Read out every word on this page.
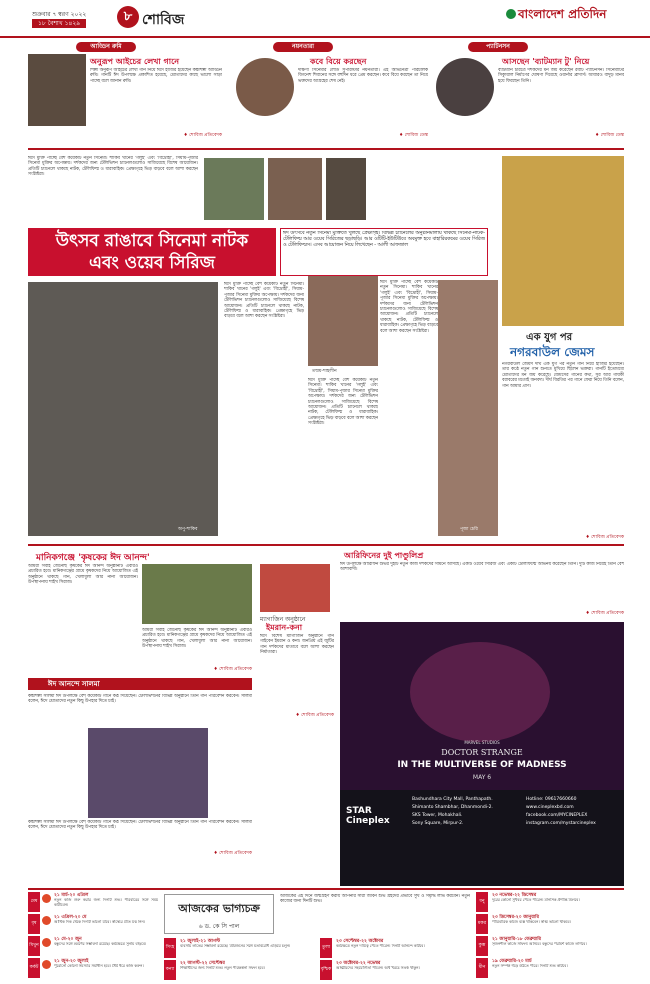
শুক্রবার ৭ ম্বরণ ২০২২
১৮ বৈশাখ ১৪২৯	৮ শোবিজ	বাংলাদেশ প্রতিদিন
আড্ডিন রুমি
অনুরূপ আইচের লেখা গানে
শিল্পী অনুরূপ আইচের লেখা গান নিয়ে ঈদে হাজির হয়েছেন কন্ঠশিল্পী আড্ডিন রুমি। গানটি ঈদ উপলক্ষে প্রকাশিত হয়েছে, শ্রোতাদের কাছে ভালো সাড়া পাচ্ছে বলে জানান রুমি।
♦ শোবিজ প্রতিবেদক
নয়নতারা
কবে বিয়ে করছেন
দক্ষিণী সিনেমার লেডি সুপারস্টার নয়নতারা। এই অভিনেত্রী পরিচালক বিগনেশ শিবানের সঙ্গে বহুদিন ধরে প্রেম করছেন। কবে বিয়ে করছেন তা নিয়ে ভক্তদের আগ্রহের শেষ নেই।
♦ শোবিজ ডেস্ক
প্যাটিনসন
আসছেন 'ব্যাটম্যান টু' নিয়ে
ব্যাটম্যান চরিত্রে দর্শকদের মন জয় করেছেন রবার্ট প্যাটিনসন। সিনেমাটির সিক্যুয়াল নির্মাণের ঘোষণা দিয়েছে ওয়ার্নার ব্রাদার্স। আবারও বাদুড় মানব হয়ে ফিরছেন তিনি।
♦ শোবিজ ডেস্ক
ঈদে মুক্তি পাচ্ছে বেশ কয়েকটি নতুন সিনেমা। শাকিব খানের 'গলুই' এবং 'বিদ্রোহী', সিয়াম-পূজার সিনেমা মুক্তির অপেক্ষায়। দর্শকদের জন্য টেলিভিশন চ্যানেলগুলোও সাজিয়েছে বিশেষ আয়োজন। প্রতিটি চ্যানেলে থাকছে নাটক, টেলিফিল্ম ও ধারাবাহিক। প্রেক্ষাগৃহে ভিড় বাড়বে বলে আশা করছেন সংশ্লিষ্টরা।
উৎসব রাঙাবে সিনেমা নাটক এবং ওয়েব সিরিজ
ঈদ উৎসবে নতুন সিনেমা মুক্তিতে খুলছে প্রেক্ষাগৃহ। বিভিন্ন চ্যানেলের অনুষ্ঠানমালায় থাকছে সিনেমা-নাটক-টেলিফিল্ম আর ওয়েব সিরিজের ছড়াছড়ি। আর ওটিটি-ইউটিউবে অবমুক্ত হবে বাহারিরকমের ওয়েব সিরিজ ও টেলিফিল্মস। এসব আয়োজন নিয়ে লিখেছেন - আলী আফজাল
অপু-শাকিব
ঈদে মুক্তি পাচ্ছে বেশ কয়েকটি নতুন সিনেমা। শাকিব খানের 'গলুই' এবং 'বিদ্রোহী', সিয়াম-পূজার সিনেমা মুক্তির অপেক্ষায়। দর্শকদের জন্য টেলিভিশন চ্যানেলগুলোও সাজিয়েছে বিশেষ আয়োজন। প্রতিটি চ্যানেলে থাকছে নাটক, টেলিফিল্ম ও ধারাবাহিক। প্রেক্ষাগৃহে ভিড় বাড়বে বলে আশা করছেন সংশ্লিষ্টরা।
তন্ময়-শাহলীন
ঈদে মুক্তি পাচ্ছে বেশ কয়েকটি নতুন সিনেমা। শাকিব খানের 'গলুই' এবং 'বিদ্রোহী', সিয়াম-পূজার সিনেমা মুক্তির অপেক্ষায়। দর্শকদের জন্য টেলিভিশন চ্যানেলগুলোও সাজিয়েছে বিশেষ আয়োজন। প্রতিটি চ্যানেলে থাকছে নাটক, টেলিফিল্ম ও ধারাবাহিক। প্রেক্ষাগৃহে ভিড় বাড়বে বলে আশা করছেন সংশ্লিষ্টরা।
ঈদে মুক্তি পাচ্ছে বেশ কয়েকটি নতুন সিনেমা। শাকিব খানের 'গলুই' এবং 'বিদ্রোহী', সিয়াম-পূজার সিনেমা মুক্তির অপেক্ষায়। দর্শকদের জন্য টেলিভিশন চ্যানেলগুলোও সাজিয়েছে বিশেষ আয়োজন। প্রতিটি চ্যানেলে থাকছে নাটক, টেলিফিল্ম ও ধারাবাহিক। প্রেক্ষাগৃহে ভিড় বাড়বে বলে আশা করছেন সংশ্লিষ্টরা।
পূজা চেরি
এক যুগ পর
নগরবাউল জেমস
নগরবাউল জেমস দীর্ঘ এক যুগ পর নতুন গান নিয়ে হাজির হয়েছেন। তার কণ্ঠে নতুন গান শুনতে মুখিয়ে ছিলেন ভক্তরা। গানটি ইতোমধ্যে শ্রোতাদের মন জয় করেছে। জেমসের গানের কথা, সুর আর গায়কী বরাবরের মতোই অনবদ্য। দীর্ঘ বিরতির পর গানে ফেরা নিয়ে তিনি বলেন, গান আমার প্রাণ।
♦ শোবিজ প্রতিবেদক
মানিকগঞ্জে 'কৃষকের ঈদ আনন্দ'
আমরা সবাই জেনেছি কৃষকের ঈদ আনন্দ অনুষ্ঠানটি এবারও প্রচারিত হবে। মানিকগঞ্জের গ্রামে কৃষকদের নিয়ে আয়োজিত এই অনুষ্ঠানে থাকছে গান, খেলাধুলা আর নানা আয়োজন। উপস্থাপনায় শাইখ সিরাজ।
আমরা সবাই জেনেছি কৃষকের ঈদ আনন্দ অনুষ্ঠানটি এবারও প্রচারিত হবে। মানিকগঞ্জের গ্রামে কৃষকদের নিয়ে আয়োজিত এই অনুষ্ঠানে থাকছে গান, খেলাধুলা আর নানা আয়োজন। উপস্থাপনায় শাইখ সিরাজ।
♦ শোবিজ প্রতিবেদক
ঈদ আনন্দে সালমা
কন্ঠশিল্পী সালমা ঈদ উপলক্ষে বেশ কয়েকটি গানে কণ্ঠ দিয়েছেন। টেলিভিশনের বিভিন্ন অনুষ্ঠানে তিনি গান পরিবেশন করবেন। সালমা বলেন, ঈদে শ্রোতাদের নতুন কিছু উপহার দিতে চাই।
কন্ঠশিল্পী সালমা ঈদ উপলক্ষে বেশ কয়েকটি গানে কণ্ঠ দিয়েছেন। টেলিভিশনের বিভিন্ন অনুষ্ঠানে তিনি গান পরিবেশন করবেন। সালমা বলেন, ঈদে শ্রোতাদের নতুন কিছু উপহার দিতে চাই।
♦ শোবিজ প্রতিবেদক
ম্যাগাজিন অনুষ্ঠানে
ইমরান-কনা
ঈদে বিশেষ ম্যাগাজিন অনুষ্ঠানে গান গাইবেন ইমরান ও কনা। জনপ্রিয় এই জুটির গান দর্শকদের মাতাবে বলে আশা করছেন নির্মাতারা।
♦ শোবিজ প্রতিবেদক
আরিফিনের দুই পাণ্ডুলিপ্র
ঈদ উপলক্ষে আরিফিন শুভর দুইটি নতুন কাজ দর্শকদের সামনে আসছে। একটি ওয়েব সিরিজ এবং একটি টেলিফিল্মে অভিনয় করেছেন তিনি। দুটি কাজ নিয়েই তিনি বেশ আশাবাদী।
♦ শোবিজ প্রতিবেদক
MARVEL STUDIOS
DOCTOR STRANGE
IN THE MULTIVERSE OF MADNESS
MAY 6
STAR Cineplex
Bashundhara City Mall, Panthapath.
Shimanto Shambhar, Dhanmondi-2.
SKS Tower, Mohakhali.
Sony Square, Mirpur-2.
Hotline: 09617660660
www.cineplexbd.com
facebook.com/MYCINEPLEX
instagram.com/mystarcineplex
মেষ
২১ মার্চ-২০ এপ্রিল
নতুন কাজ শুরু করার জন্য দিনটি শুভ। পরিবারের সঙ্গে সময় কাটাবেন।
বৃষ
২১ এপ্রিল-২০ মে
আর্থিক দিক থেকে দিনটি ভালো যাবে। স্বাস্থ্যের প্রতি যত্ন নিন।
মিথুন
২১ মে-২০ জুন
বন্ধুদের সঙ্গে ভ্রমণের সম্ভাবনা রয়েছে। কর্মক্ষেত্রে সুনাম বাড়বে।
কর্কট
২১ জুন-২০ জুলাই
পুরোনো কোনো সমস্যার সমাধান হবে। ধৈর্য ধরে কাজ করুন।
আজকের ভাগ্যচক্র
৬ ড. কে সি পাল
আজকের এই দিনে জন্মগ্রহণ করায় আপনার সারা জীবন শুভ গ্রহদের প্রভাবে সুখ ও সমৃদ্ধি লাভ করবেন। নতুন কাজের জন্য দিনটি শুভ।
সিংহ
২১ জুলাই-২১ আগস্ট
ব্যবসায় লাভের সম্ভাবনা রয়েছে। প্রিয়জনের সঙ্গে মতবিরোধ এড়িয়ে চলুন।
কন্যা
২২ আগস্ট-২২ সেপ্টেম্বর
শিক্ষার্থীদের জন্য দিনটি শুভ। নতুন পরিকল্পনা সফল হবে।
তুলা
২৩ সেপ্টেম্বর-২২ অক্টোবর
কর্মক্ষেত্রে নতুন দায়িত্ব পেতে পারেন। দিনটি আনন্দে কাটবে।
বৃশ্চিক
২৩ অক্টোবর-২২ নভেম্বর
আত্মীয়দের সহযোগিতা পাবেন। অর্থ খরচে সতর্ক থাকুন।
ধনু
২৩ নভেম্বর-২২ ডিসেম্বর
দূরের কোনো সুখবর পেতে পারেন। মানসিক প্রশান্তি মিলবে।
মকর
২৩ ডিসেম্বর-২০ জানুয়ারি
পারিবারিক কাজে ব্যস্ত থাকবেন। স্বাস্থ্য ভালো থাকবে।
কুম্ভ
২১ জানুয়ারি-১৮ ফেব্রুয়ারি
সৃজনশীল কাজে সাফল্য আসবে। বন্ধুদের পরামর্শ কাজে লাগবে।
মীন
১৯ ফেব্রুয়ারি-২০ মার্চ
নতুন সম্পর্ক গড়ে উঠতে পারে। দিনটি শুভ কাটবে।
